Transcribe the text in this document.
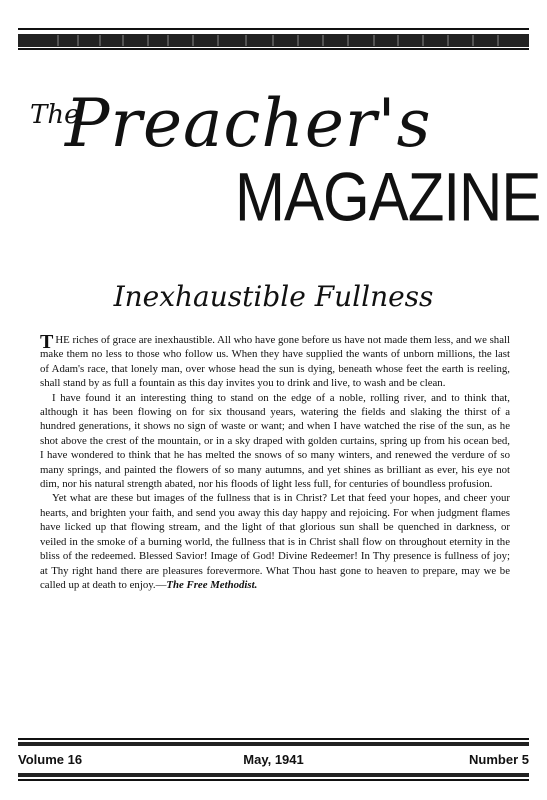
The
Preacher's
MAGAZINE
Inexhaustible Fullness

THE riches of grace are inexhaustible. All who have gone before us have not made them less, and we shall make them no less to those who follow us. When they have supplied the wants of unborn millions, the last of Adam's race, that lonely man, over whose head the sun is dying, beneath whose feet the earth is reeling, shall stand by as full a fountain as this day invites you to drink and live, to wash and be clean.

I have found it an interesting thing to stand on the edge of a noble, rolling river, and to think that, although it has been flowing on for six thousand years, watering the fields and slaking the thirst of a hundred generations, it shows no sign of waste or want; and when I have watched the rise of the sun, as he shot above the crest of the mountain, or in a sky draped with golden curtains, spring up from his ocean bed, I have wondered to think that he has melted the snows of so many winters, and renewed the verdure of so many springs, and painted the flowers of so many autumns, and yet shines as brilliant as ever, his eye not dim, nor his natural strength abated, nor his floods of light less full, for centuries of boundless profusion.

Yet what are these but images of the fullness that is in Christ? Let that feed your hopes, and cheer your hearts, and brighten your faith, and send you away this day happy and rejoicing. For when judgment flames have licked up that flowing stream, and the light of that glorious sun shall be quenched in darkness, or veiled in the smoke of a burning world, the fullness that is in Christ shall flow on throughout eternity in the bliss of the redeemed. Blessed Savior! Image of God! Divine Redeemer! In Thy presence is fullness of joy; at Thy right hand there are pleasures forevermore. What Thou hast gone to heaven to prepare, may we be called up at death to enjoy.—The Free Methodist.

Volume 16	May, 1941	Number 5
